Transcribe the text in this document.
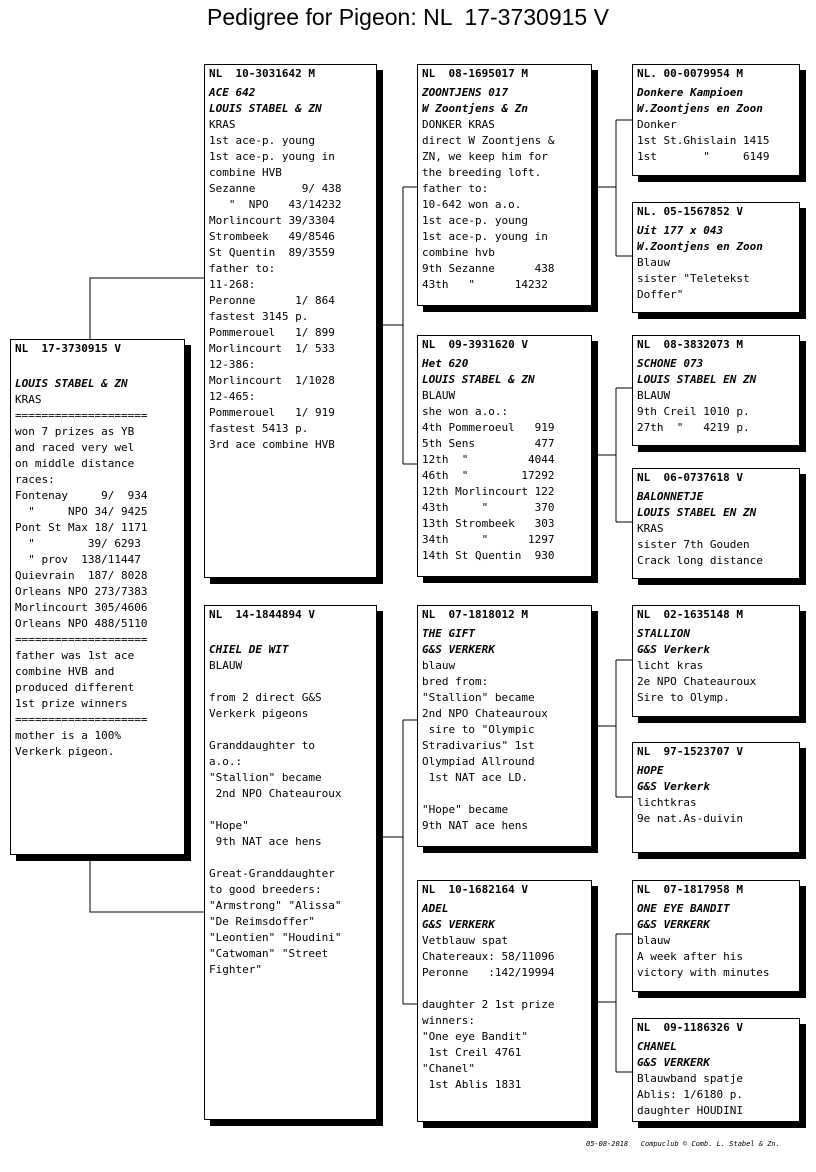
Pedigree for Pigeon: NL  17-3730915 V
NL  17-3730915 V
LOUIS STABEL & ZN
KRAS
====================
won 7 prizes as YB
and raced very wel
on middle distance
races:
Fontenay     9/  934
"     NPO 34/ 9425
Pont St Max 18/ 1171
"        39/ 6293
" prov  138/11447
Quievrain  187/ 8028
Orleans NPO 273/7383
Morlincourt 305/4606
Orleans NPO 488/5110
====================
father was 1st ace
combine HVB and
produced different
1st prize winners
====================
mother is a 100%
Verkerk pigeon.
NL  10-3031642 M
ACE 642
LOUIS STABEL & ZN
KRAS
1st ace-p. young
1st ace-p. young in
combine HVB
Sezanne       9/ 438
"  NPO   43/14232
Morlincourt 39/3304
Strombeek   49/8546
St Quentin  89/3559
father to:
11-268:
Peronne      1/ 864
fastest 3145 p.
Pommerouel   1/ 899
Morlincourt  1/ 533
12-386:
Morlincourt  1/1028
12-465:
Pommerouel   1/ 919
fastest 5413 p.
3rd ace combine HVB
NL  14-1844894 V
CHIEL DE WIT
BLAUW
from 2 direct G&S
Verkerk pigeons
Granddaughter to
a.o.:
"Stallion" became
2nd NPO Chateauroux
"Hope"
9th NAT ace hens
Great-Granddaughter
to good breeders:
"Armstrong" "Alissa"
"De Reimsdoffer"
"Leontien" "Houdini"
"Catwoman" "Street
Fighter"
NL  08-1695017 M
ZOONTJENS 017
W Zoontjens & Zn
DONKER KRAS
direct W Zoontjens &
ZN, we keep him for
the breeding loft.
father to:
10-642 won a.o.
1st ace-p. young
1st ace-p. young in
combine hvb
9th Sezanne      438
43th   "      14232
NL  09-3931620 V
Het 620
LOUIS STABEL & ZN
BLAUW
she won a.o.:
4th Pommeroeul   919
5th Sens         477
12th  "         4044
46th  "        17292
12th Morlincourt 122
43th     "       370
13th Strombeek   303
34th     "      1297
14th St Quentin  930
NL  07-1818012 M
THE GIFT
G&S VERKERK
blauw
bred from:
"Stallion" became
2nd NPO Chateauroux
sire to "Olympic
Stradivarius" 1st
Olympiad Allround
1st NAT ace LD.
"Hope" became
9th NAT ace hens
NL  10-1682164 V
ADEL
G&S VERKERK
Vetblauw spat
Chatereaux: 58/11096
Peronne   :142/19994
daughter 2 1st prize
winners:
"One eye Bandit"
1st Creil 4761
"Chanel"
1st Ablis 1831
NL. 00-0079954 M
Donkere Kampioen
W.Zoontjens en Zoon
Donker
1st St.Ghislain 1415
1st       "     6149
NL. 05-1567852 V
Uit 177 x 043
W.Zoontjens en Zoon
Blauw
sister "Teletekst
Doffer"
NL  08-3832073 M
SCHONE 073
LOUIS STABEL EN ZN
BLAUW
9th Creil 1010 p.
27th  "   4219 p.
NL  06-0737618 V
BALONNETJE
LOUIS STABEL EN ZN
KRAS
sister 7th Gouden
Crack long distance
NL  02-1635148 M
STALLION
G&S Verkerk
licht kras
2e NPO Chateauroux
Sire to Olymp.
NL  97-1523707 V
HOPE
G&S Verkerk
lichtkras
9e nat.As-duivin
NL  07-1817958 M
ONE EYE BANDIT
G&S VERKERK
blauw
A week after his
victory with minutes
NL  09-1186326 V
CHANEL
G&S VERKERK
Blauwband spatje
Ablis: 1/6180 p.
daughter HOUDINI
05-08-2018   Compuclub © Comb. L. Stabel & Zn.
